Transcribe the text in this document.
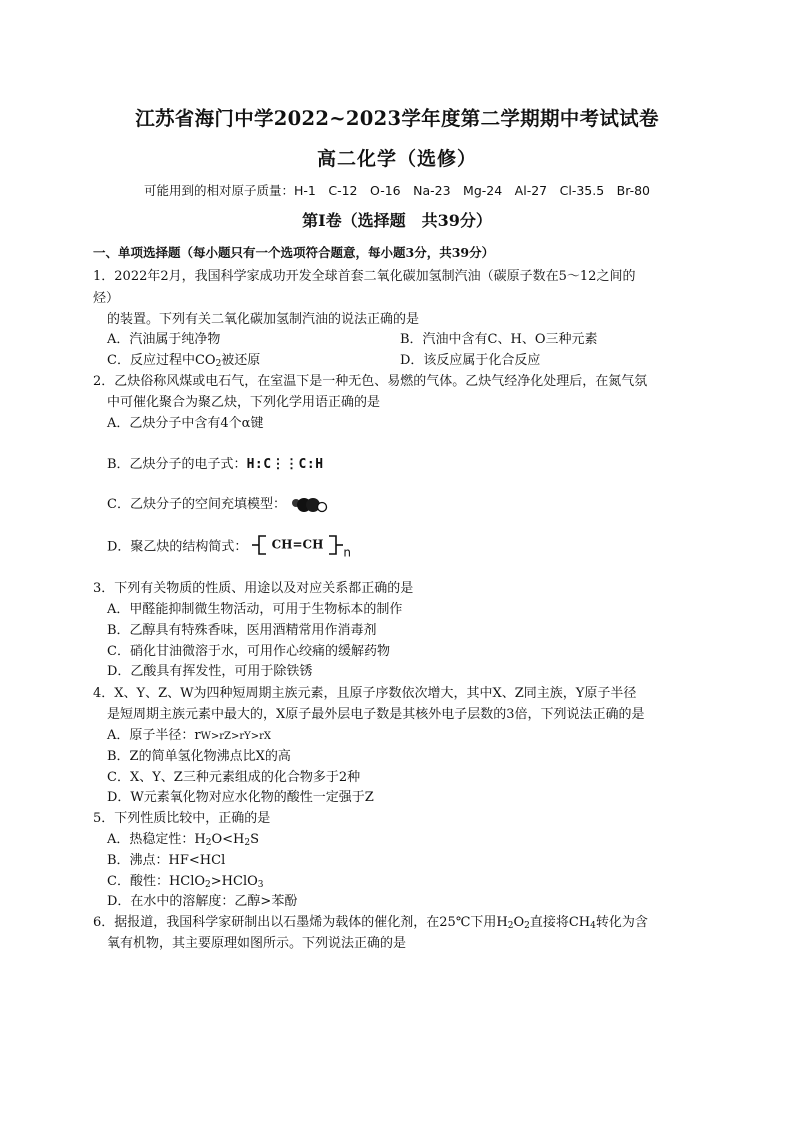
江苏省海门中学2022~2023学年度第二学期期中考试试卷
高二化学（选修）
可能用到的相对原子质量：H-1　C-12　O-16　Na-23　Mg-24　Al-27　Cl-35.5　Br-80
第Ⅰ卷（选择题　共39分）
一、单项选择题（每小题只有一个选项符合题意，每小题3分，共39分）
1．2022年2月，我国科学家成功开发全球首套二氧化碳加氢制汽油（碳原子数在5～12之间的
烃）
的装置。下列有关二氧化碳加氢制汽油的说法正确的是
A．汽油属于纯净物	B．汽油中含有C、H、O三种元素
C．反应过程中$CO_2$被还原	D．该反应属于化合反应
2．乙炔俗称风煤或电石气，在室温下是一种无色、易燃的气体。乙炔气经净化处理后，在氮气氛
中可催化聚合为聚乙炔，下列化学用语正确的是
A．乙炔分子中含有4个α键
B．乙炔分子的电子式：H:C⋮⋮C:H
C．乙炔分子的空间充填模型：
D．聚乙炔的结构简式： CH=CHn
3．下列有关物质的性质、用途以及对应关系都正确的是
A．甲醛能抑制微生物活动，可用于生物标本的制作
B．乙醇具有特殊香味，医用酒精常用作消毒剂
C．硝化甘油微溶于水，可用作心绞痛的缓解药物
D．乙酸具有挥发性，可用于除铁锈
4．X、Y、Z、W为四种短周期主族元素，且原子序数依次增大，其中X、Z同主族，Y原子半径
是短周期主族元素中最大的，X原子最外层电子数是其核外电子层数的3倍，下列说法正确的是
A．原子半径：rW>rZ>rY>rX
B．Z的简单氢化物沸点比X的高
C．X、Y、Z三种元素组成的化合物多于2种
D．W元素氧化物对应水化物的酸性一定强于Z
5．下列性质比较中，正确的是
A．热稳定性：$H_2O<H_2S$
B．沸点：HF<HCl
C．酸性：HClO$_2$>HClO$_3$
D．在水中的溶解度：乙醇>苯酚
6．据报道，我国科学家研制出以石墨烯为载体的催化剂，在25℃下用$H_2O_2$直接将$CH_4$转化为含
氧有机物，其主要原理如图所示。下列说法正确的是
